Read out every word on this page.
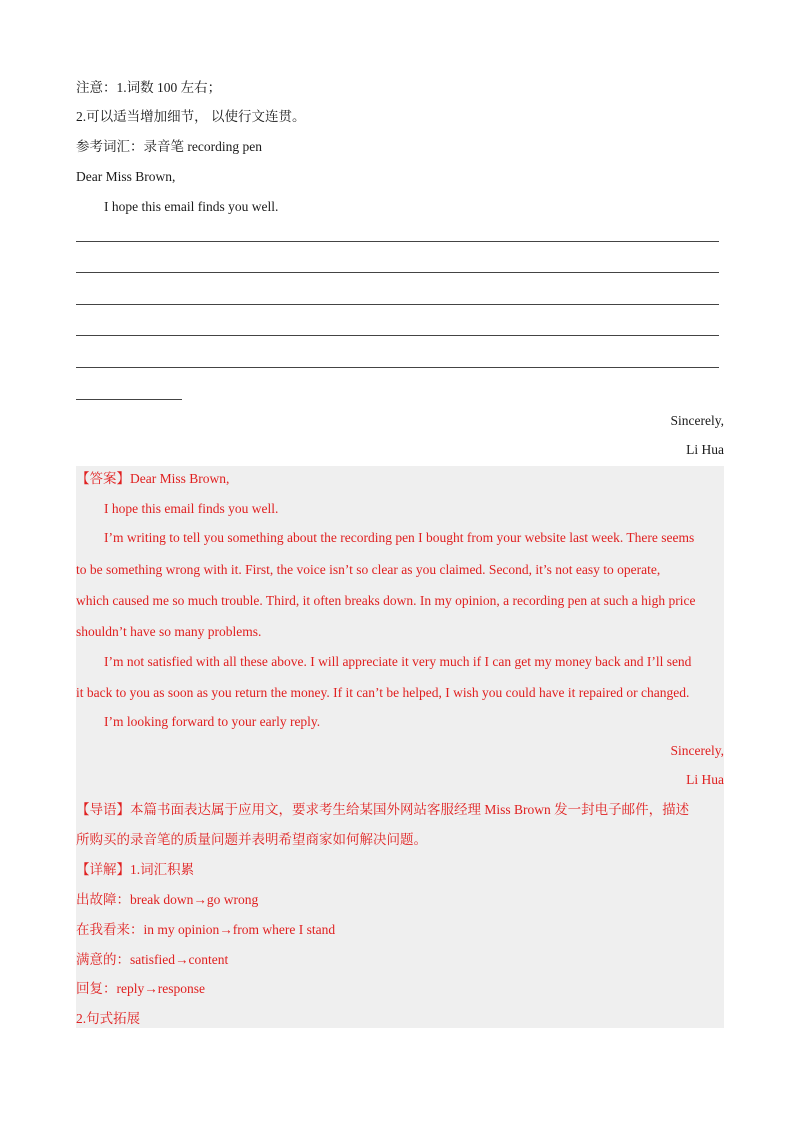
注意：1.词数 100 左右；
2.可以适当增加细节， 以使行文连贯。
参考词汇：录音笔 recording pen
Dear Miss Brown,
I hope this email finds you well.
Sincerely,
Li Hua
【答案】Dear Miss Brown,
I hope this email finds you well.
I’m writing to tell you something about the recording pen I bought from your website last week. There seems
to be something wrong with it. First, the voice isn’t so clear as you claimed. Second, it’s not easy to operate,
which caused me so much trouble. Third, it often breaks down. In my opinion, a recording pen at such a high price
shouldn’t have so many problems.
I’m not satisfied with all these above. I will appreciate it very much if I can get my money back and I’ll send
it back to you as soon as you return the money. If it can’t be helped, I wish you could have it repaired or changed.
I’m looking forward to your early reply.
Sincerely,
Li Hua
【导语】本篇书面表达属于应用文，要求考生给某国外网站客服经理 Miss Brown 发一封电子邮件，描述
所购买的录音笔的质量问题并表明希望商家如何解决问题。
【详解】1.词汇积累
出故障：break down→go wrong
在我看来：in my opinion→from where I stand
满意的：satisfied→content
回复：reply→response
2.句式拓展
